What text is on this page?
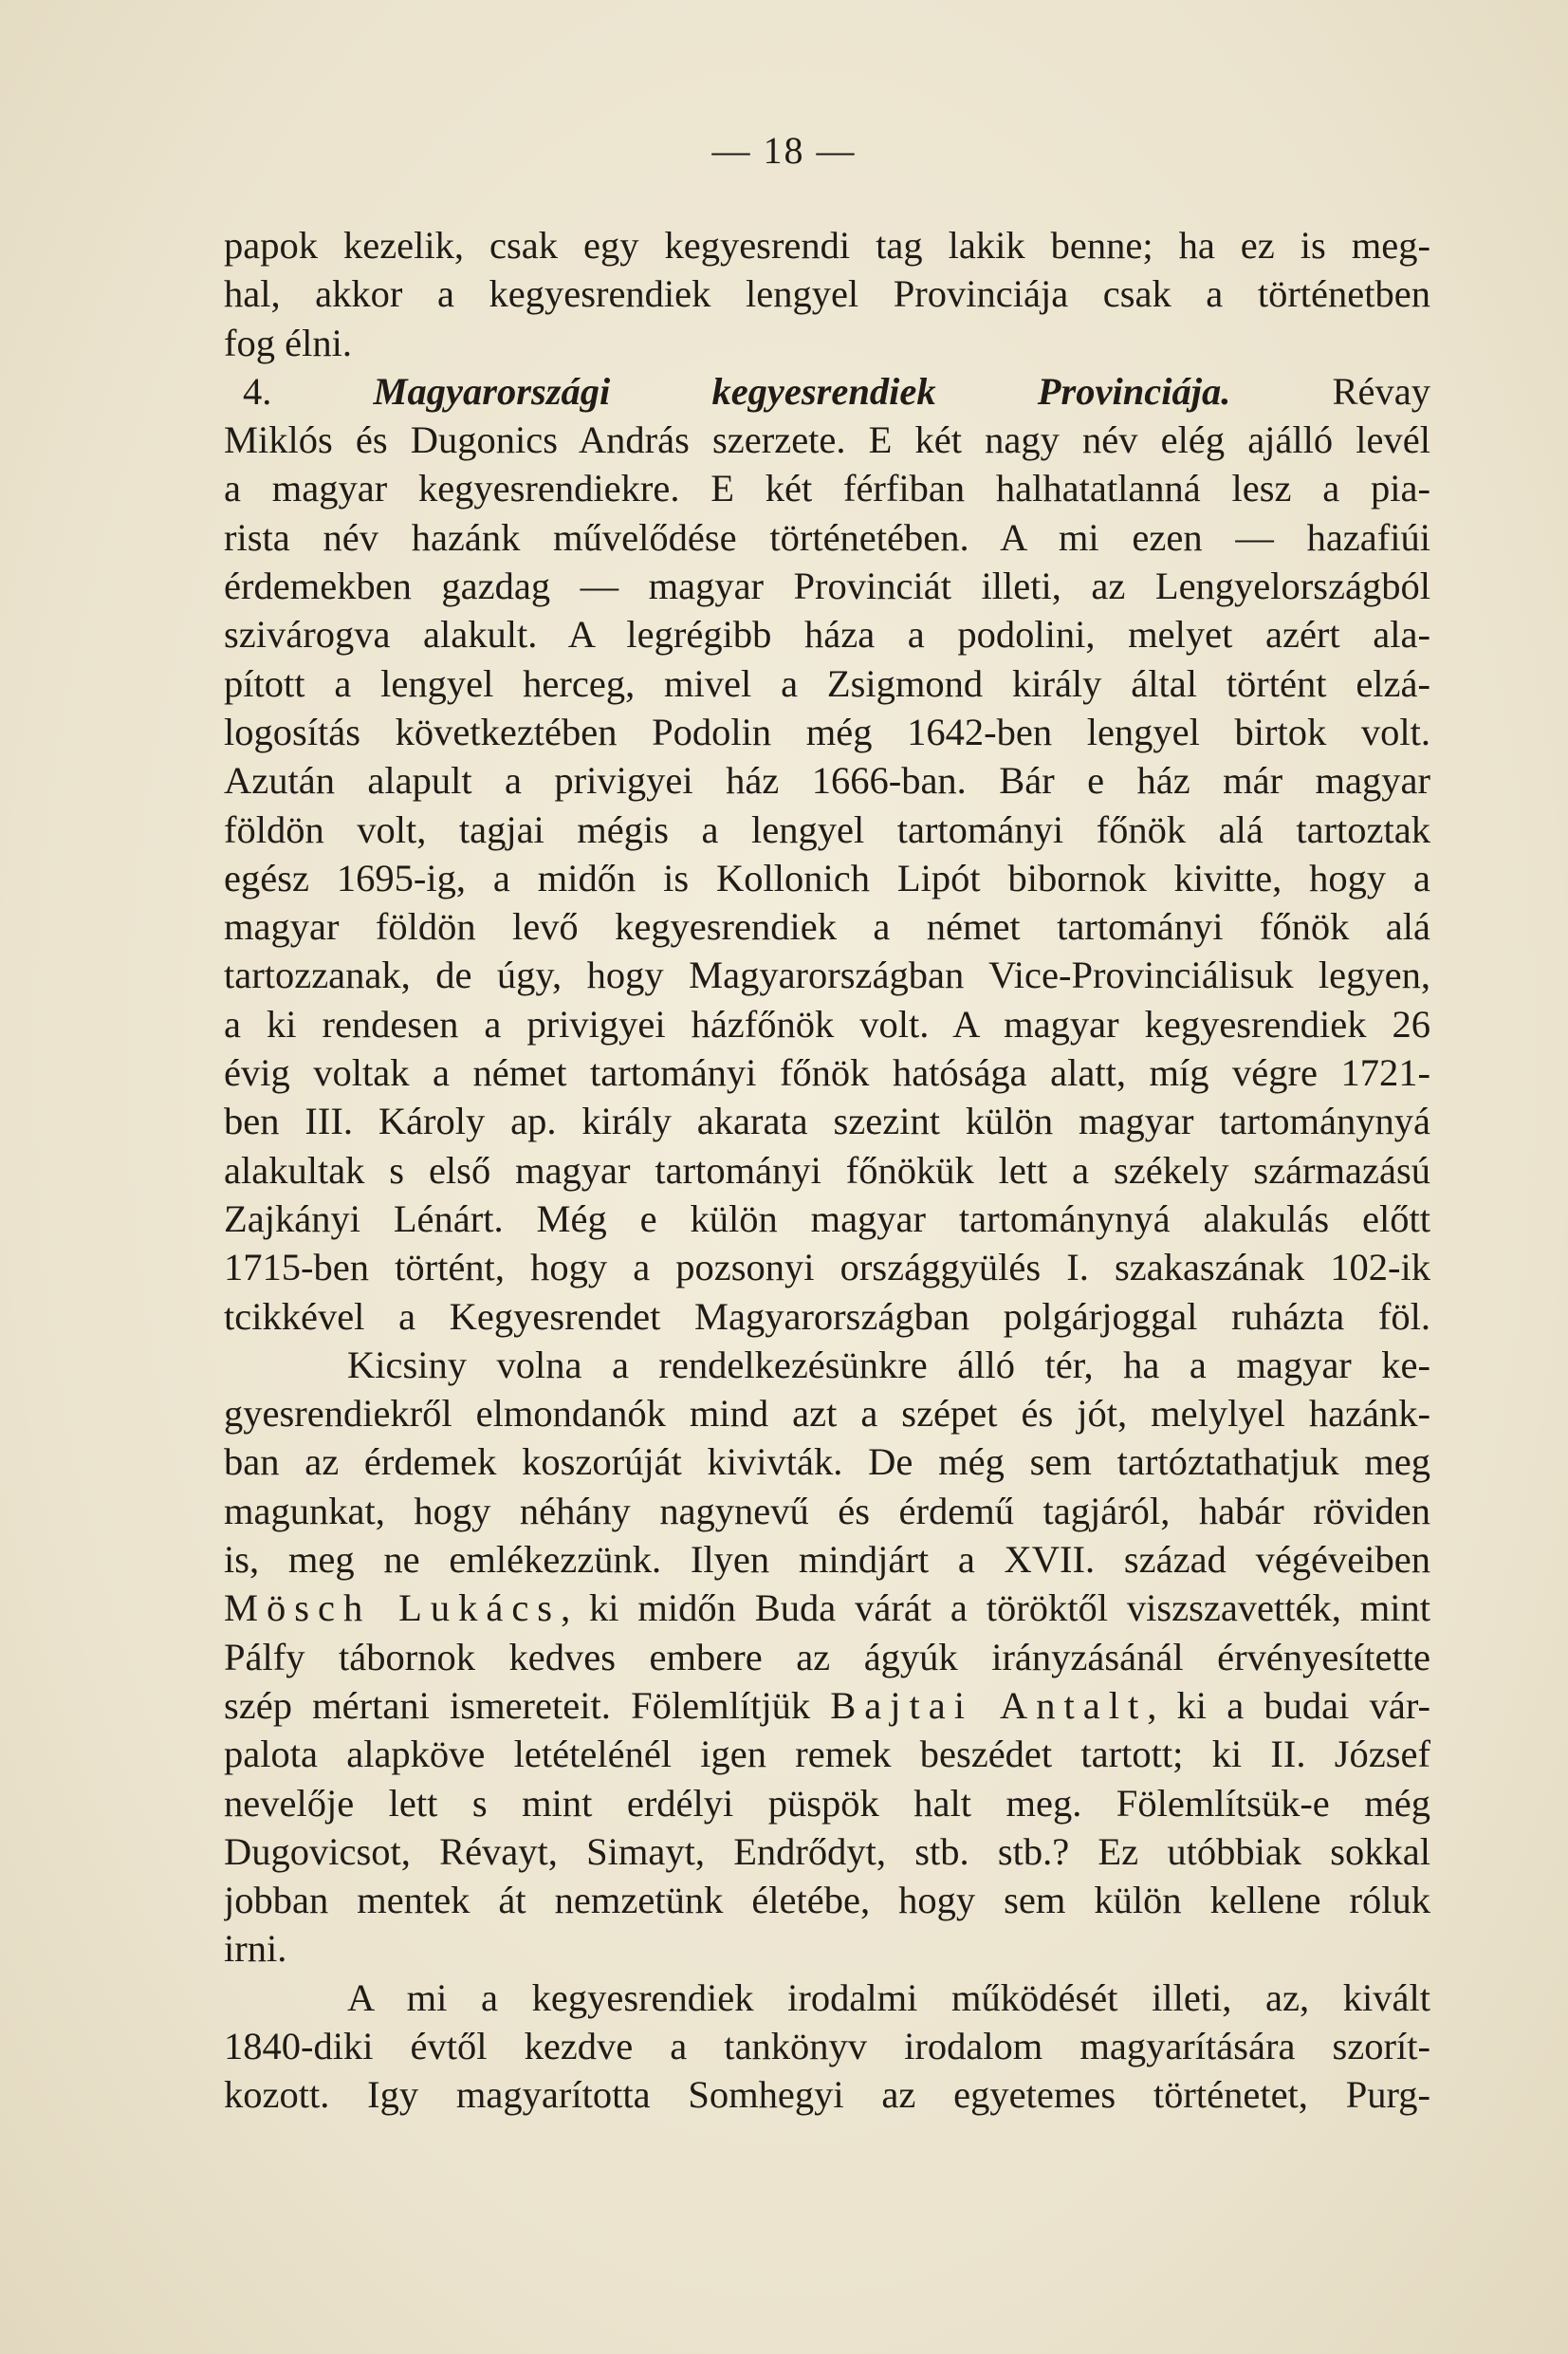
— 18 —
papok kezelik, csak egy kegyesrendi tag lakik benne; ha ez is meg-
hal, akkor a kegyesrendiek lengyel Provinciája csak a történetben
fog élni.
4.	Magyarországi kegyesrendiek Provinciája.	Révay
Miklós és Dugonics András szerzete. E két nagy név elég ajálló levél
a magyar kegyesrendiekre. E két férfiban halhatatlanná lesz a pia-
rista név hazánk művelődése történetében. A mi ezen — hazafiúi
érdemekben gazdag — magyar Provinciát illeti, az Lengyelországból
szivárogva alakult. A legrégibb háza a podolini, melyet azért ala-
pított a lengyel herceg, mivel a Zsigmond király által történt elzá-
logosítás következtében Podolin még 1642-ben lengyel birtok volt.
Azután alapult a privigyei ház 1666-ban. Bár e ház már magyar
földön volt, tagjai mégis a lengyel tartományi főnök alá tartoztak
egész 1695-ig, a midőn is Kollonich Lipót bibornok kivitte, hogy a
magyar földön levő kegyesrendiek a német tartományi főnök alá
tartozzanak, de úgy, hogy Magyarországban Vice-Provinciálisuk legyen,
a ki rendesen a privigyei házfőnök volt. A magyar kegyesrendiek 26
évig voltak a német tartományi főnök hatósága alatt, míg végre 1721-
ben III. Károly ap. király akarata szezint külön magyar tartománynyá
alakultak s első magyar tartományi főnökük lett a székely származású
Zajkányi Lénárt. Még e külön magyar tartománynyá alakulás előtt
1715-ben történt, hogy a pozsonyi országgyülés I. szakaszának 102-ik
tcikkével a Kegyesrendet Magyarországban polgárjoggal ruházta föl.
Kicsiny volna a rendelkezésünkre álló tér, ha a magyar ke-
gyesrendiekről elmondanók mind azt a szépet és jót, melylyel hazánk-
ban az érdemek koszorúját kivivták. De még sem tartóztathatjuk meg
magunkat, hogy néhány nagynevű és érdemű tagjáról, habár röviden
is, meg ne emlékezzünk. Ilyen mindjárt a XVII. század végéveiben
Mösch Lukács, ki midőn Buda várát a töröktől viszszavették, mint
Pálfy tábornok kedves embere az ágyúk irányzásánál érvényesítette
szép mértani ismereteit. Fölemlítjük Bajtai Antalt, ki a budai vár-
palota alapköve letételénél igen remek beszédet tartott; ki II. József
nevelője lett s mint erdélyi püspök halt meg. Fölemlítsük-e még
Dugovicsot, Révayt, Simayt, Endrődyt, stb. stb.? Ez utóbbiak sokkal
jobban mentek át nemzetünk életébe, hogy sem külön kellene róluk
irni.
A mi a kegyesrendiek irodalmi működését illeti, az, kivált
1840-diki évtől kezdve a tankönyv irodalom magyarítására szorít-
kozott. Igy magyarította Somhegyi az egyetemes történetet, Purg-
